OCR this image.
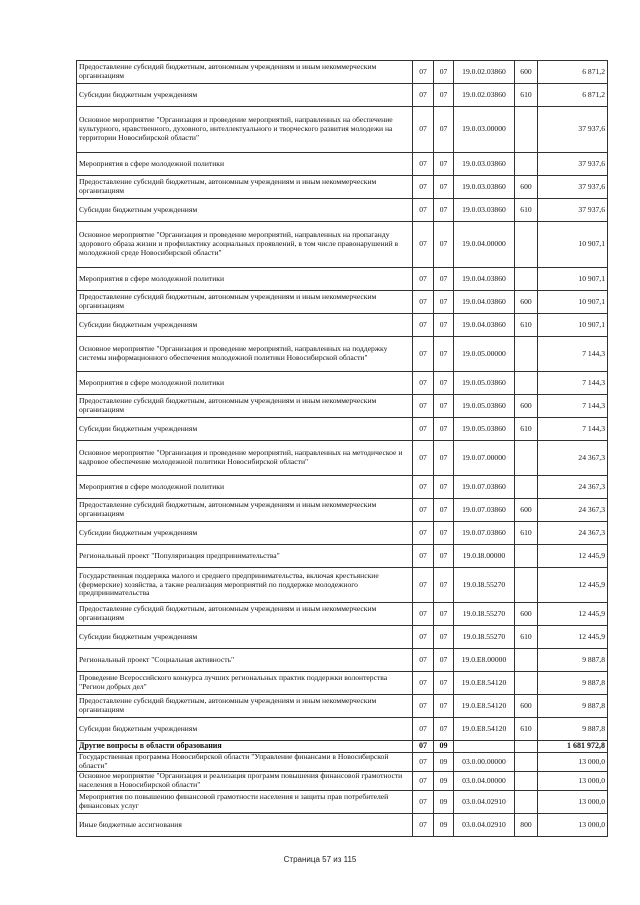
Предоставление субсидий бюджетным, автономным учреждениям и иным некоммерческим организациям	07	07	19.0.02.03860	600	6 871,2
Субсидии бюджетным учреждениям	07	07	19.0.02.03860	610	6 871,2
Основное мероприятие "Организация и проведение мероприятий, направленных на обеспечение культурного, нравственного, духовного, интеллектуального и творческого развития молодежи на территории Новосибирской области"	07	07	19.0.03.00000		37 937,6
Мероприятия в сфере молодежной политики	07	07	19.0.03.03860		37 937,6
Предоставление субсидий бюджетным, автономным учреждениям и иным некоммерческим организациям	07	07	19.0.03.03860	600	37 937,6
Субсидии бюджетным учреждениям	07	07	19.0.03.03860	610	37 937,6
Основное мероприятие "Организация и проведение мероприятий, направленных на пропаганду здорового образа жизни и профилактику асоциальных проявлений, в том числе правонарушений в молодежной среде Новосибирской области"	07	07	19.0.04.00000		10 907,1
Мероприятия в сфере молодежной политики	07	07	19.0.04.03860		10 907,1
Предоставление субсидий бюджетным, автономным учреждениям и иным некоммерческим организациям	07	07	19.0.04.03860	600	10 907,1
Субсидии бюджетным учреждениям	07	07	19.0.04.03860	610	10 907,1
Основное мероприятие "Организация и проведение мероприятий, направленных на поддержку системы информационного обеспечения молодежной политики Новосибирской области"	07	07	19.0.05.00000		7 144,3
Мероприятия в сфере молодежной политики	07	07	19.0.05.03860		7 144,3
Предоставление субсидий бюджетным, автономным учреждениям и иным некоммерческим организациям	07	07	19.0.05.03860	600	7 144,3
Субсидии бюджетным учреждениям	07	07	19.0.05.03860	610	7 144,3
Основное мероприятие "Организация и проведение мероприятий, направленных на методическое и кадровое обеспечение молодежной политики Новосибирской области"	07	07	19.0.07.00000		24 367,3
Мероприятия в сфере молодежной политики	07	07	19.0.07.03860		24 367,3
Предоставление субсидий бюджетным, автономным учреждениям и иным некоммерческим организациям	07	07	19.0.07.03860	600	24 367,3
Субсидии бюджетным учреждениям	07	07	19.0.07.03860	610	24 367,3
Региональный проект "Популяризация предпринимательства"	07	07	19.0.I8.00000		12 445,9
Государственная поддержка малого и среднего предпринимательства, включая крестьянские (фермерские) хозяйства, а также реализация мероприятий по поддержке молодежного предпринимательства	07	07	19.0.I8.55270		12 445,9
Предоставление субсидий бюджетным, автономным учреждениям и иным некоммерческим организациям	07	07	19.0.I8.55270	600	12 445,9
Субсидии бюджетным учреждениям	07	07	19.0.I8.55270	610	12 445,9
Региональный проект "Социальная активность"	07	07	19.0.E8.00000		9 887,8
Проведение Всероссийского конкурса лучших региональных практик поддержки волонтерства "Регион добрых дел"	07	07	19.0.E8.54120		9 887,8
Предоставление субсидий бюджетным, автономным учреждениям и иным некоммерческим организациям	07	07	19.0.E8.54120	600	9 887,8
Субсидии бюджетным учреждениям	07	07	19.0.E8.54120	610	9 887,8
Другие вопросы в области образования	07	09			1 681 972,8
Государственная программа Новосибирской области "Управление финансами в Новосибирской области"	07	09	03.0.00.00000		13 000,0
Основное мероприятие "Организация и реализация программ повышения финансовой грамотности населения в Новосибирской области"	07	09	03.0.04.00000		13 000,0
Мероприятия по повышению финансовой грамотности населения и защиты прав потребителей финансовых услуг	07	09	03.0.04.02910		13 000,0
Иные бюджетные ассигнования	07	09	03.0.04.02910	800	13 000,0
Страница 57 из 115
